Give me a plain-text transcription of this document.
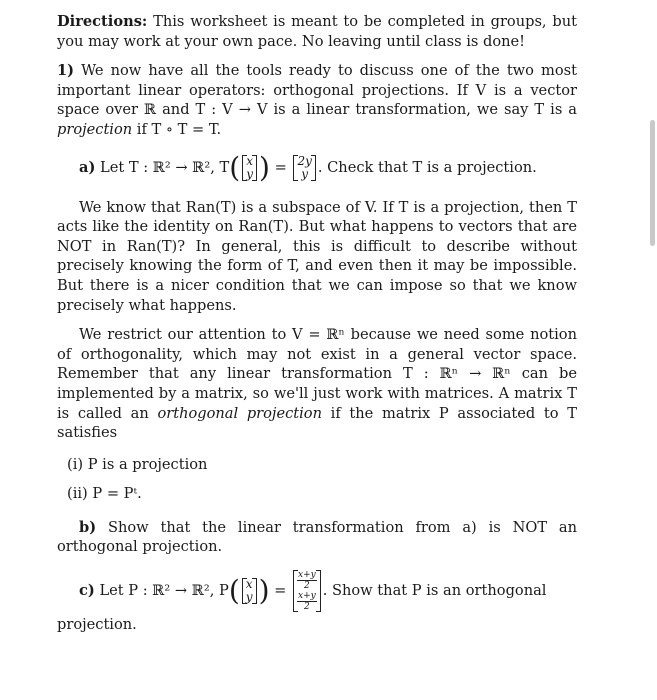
Directions: This worksheet is meant to be completed in groups, but you may work at your own pace. No leaving until class is done!

1) We now have all the tools ready to discuss one of the two most important linear operators: orthogonal projections. If V is a vector space over ℝ and T : V → V is a linear transformation, we say T is a projection if T ∘ T = T.

a)
Let T : ℝ² → ℝ², T ( x
y )
=
2y
y . Check that T is a projection.

We know that Ran(T) is a subspace of V. If T is a projection, then T acts like the identity on Ran(T). But what happens to vectors that are NOT in Ran(T)? In general, this is difficult to describe without precisely knowing the form of T, and even then it may be impossible. But there is a nicer condition that we can impose so that we know precisely what happens.

We restrict our attention to V = ℝⁿ because we need some notion of orthogonality, which may not exist in a general vector space. Remember that any linear transformation T : ℝⁿ → ℝⁿ can be implemented by a matrix, so we'll just work with matrices. A matrix T is called an orthogonal projection if the matrix P associated to T satisfies

(i) P is a projection

(ii) P = Pᵗ.

b) Show that the linear transformation from a) is NOT an orthogonal projection.

c)
Let P : ℝ² → ℝ², P ( x
y )
=
$\frac{x+y}{2}$
$\frac{x+y}{2}$
. Show that P is an orthogonal

projection.
